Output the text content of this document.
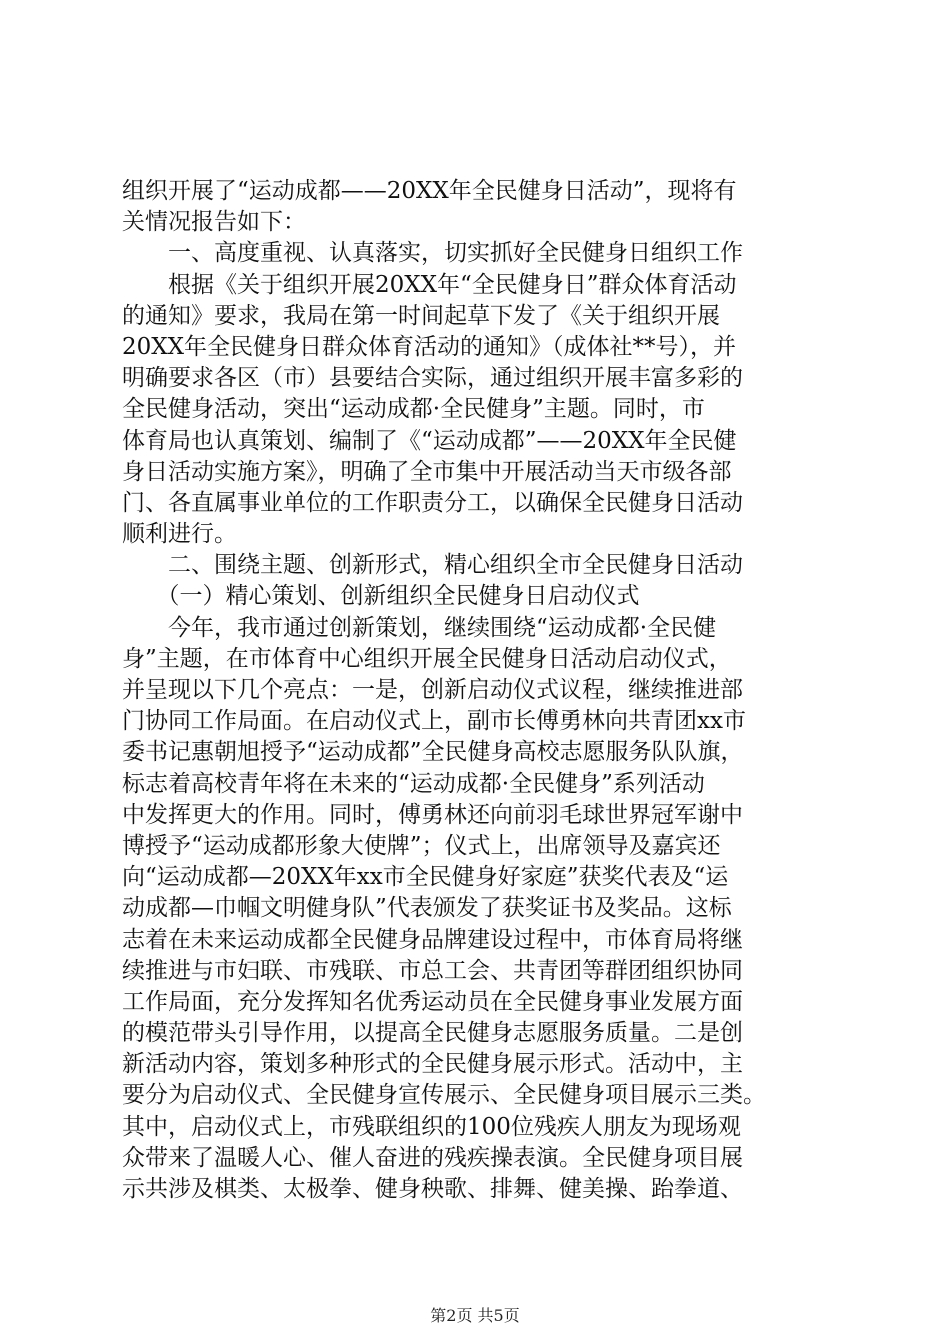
组织开展了“运动成都——20XX年全民健身日活动”，现将有
关情况报告如下：
　　一、高度重视、认真落实，切实抓好全民健身日组织工作
　　根据《关于组织开展20XX年“全民健身日”群众体育活动
的通知》要求，我局在第一时间起草下发了《关于组织开展
20XX年全民健身日群众体育活动的通知》（成体社**号），并
明确要求各区（市）县要结合实际，通过组织开展丰富多彩的
全民健身活动，突出“运动成都·全民健身”主题。同时，市
体育局也认真策划、编制了《“运动成都”——20XX年全民健
身日活动实施方案》，明确了全市集中开展活动当天市级各部
门、各直属事业单位的工作职责分工，以确保全民健身日活动
顺利进行。
　　二、围绕主题、创新形式，精心组织全市全民健身日活动
　　（一）精心策划、创新组织全民健身日启动仪式
　　今年，我市通过创新策划，继续围绕“运动成都·全民健
身”主题，在市体育中心组织开展全民健身日活动启动仪式，
并呈现以下几个亮点：一是，创新启动仪式议程，继续推进部
门协同工作局面。在启动仪式上，副市长傅勇林向共青团xx市
委书记惠朝旭授予“运动成都”全民健身高校志愿服务队队旗，
标志着高校青年将在未来的“运动成都·全民健身”系列活动
中发挥更大的作用。同时，傅勇林还向前羽毛球世界冠军谢中
博授予“运动成都形象大使牌”；仪式上，出席领导及嘉宾还
向“运动成都—20XX年xx市全民健身好家庭”获奖代表及“运
动成都—巾帼文明健身队”代表颁发了获奖证书及奖品。这标
志着在未来运动成都全民健身品牌建设过程中，市体育局将继
续推进与市妇联、市残联、市总工会、共青团等群团组织协同
工作局面，充分发挥知名优秀运动员在全民健身事业发展方面
的模范带头引导作用，以提高全民健身志愿服务质量。二是创
新活动内容，策划多种形式的全民健身展示形式。活动中，主
要分为启动仪式、全民健身宣传展示、全民健身项目展示三类。
其中，启动仪式上，市残联组织的100位残疾人朋友为现场观
众带来了温暖人心、催人奋进的残疾操表演。全民健身项目展
示共涉及棋类、太极拳、健身秧歌、排舞、健美操、跆拳道、
第2页 共5页
